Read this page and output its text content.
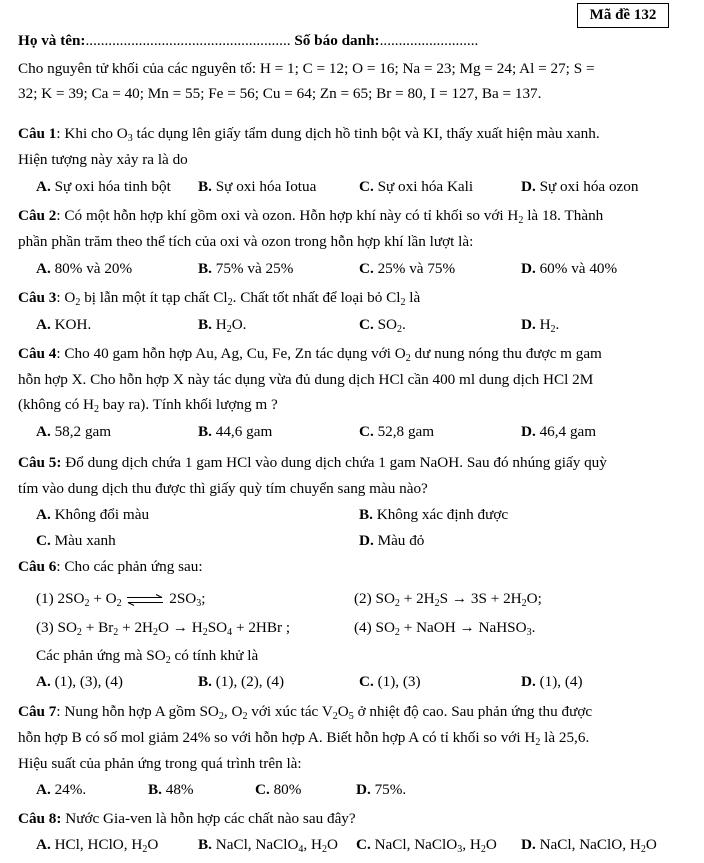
Mã đề 132
Họ và tên:...................................................... Số báo danh:..........................
Cho nguyên tử khối của các nguyên tố: H = 1; C = 12; O = 16; Na = 23; Mg = 24; Al = 27; S =
32; K = 39; Ca = 40; Mn = 55; Fe = 56; Cu = 64; Zn = 65; Br = 80, I = 127, Ba = 137.
Câu 1: Khi cho $O_3$ tác dụng lên giấy tẩm dung dịch hồ tinh bột và KI, thấy xuất hiện màu xanh.
Hiện tượng này xảy ra là do
A. Sự oxi hóa tinh bột B. Sự oxi hóa Iotua	C. Sự oxi hóa Kali	D. Sự oxi hóa ozon
Câu 2: Có một hỗn hợp khí gồm oxi và ozon. Hỗn hợp khí này có tỉ khối so với $H_2$ là 18. Thành
phần phần trăm theo thể tích của oxi và ozon trong hỗn hợp khí lần lượt là:
A. 80% và 20%	B. 75% và 25%	C. 25% và 75%	D. 60% và 40%
Câu 3: $O_2$ bị lẫn một ít tạp chất $Cl_2$. Chất tốt nhất để loại bỏ $Cl_2$ là
A. KOH.	B. $H_2O$.	C. $SO_2$.	D. $H_2$.
Câu 4: Cho 40 gam hỗn hợp Au, Ag, Cu, Fe, Zn tác dụng với $O_2$ dư nung nóng thu được m gam
hỗn hợp X. Cho hỗn hợp X này tác dụng vừa đủ dung dịch HCl cần 400 ml dung dịch HCl 2M
(không có $H_2$ bay ra). Tính khối lượng m ?
A. 58,2 gam	B. 44,6 gam	C. 52,8 gam	D. 46,4 gam
Câu 5: Đổ dung dịch chứa 1 gam HCl vào dung dịch chứa 1 gam NaOH. Sau đó nhúng giấy quỳ
tím vào dung dịch thu được thì giấy quỳ tím chuyển sang màu nào?
A. Không đổi màu	B. Không xác định được
C. Màu xanh	D. Màu đỏ
Câu 6: Cho các phản ứng sau:
(1) $2SO_2 + O_2$ ⇌ $2SO_3$;	(2) $SO_2 + 2H_2S \to 3S + 2H_2O$;
(3) $SO_2 + Br_2 + 2H_2O \to H_2SO_4 + 2HBr$ ;	(4) $SO_2$ + NaOH → NaHSO$_3$.
Các phản ứng mà $SO_2$ có tính khử là
A. (1), (3), (4)	B. (1), (2), (4)	C. (1), (3)	D. (1), (4)
Câu 7: Nung hỗn hợp A gồm $SO_2$, $O_2$ với xúc tác $V_2O_5$ ở nhiệt độ cao. Sau phản ứng thu được
hỗn hợp B có số mol giảm 24% so với hỗn hợp A. Biết hỗn hợp A có tỉ khối so với $H_2$ là 25,6.
Hiệu suất của phản ứng trong quá trình trên là:
A. 24%.	B. 48%	C. 80%	D. 75%.
Câu 8: Nước Gia-ven là hỗn hợp các chất nào sau đây?
A. HCl, HClO, $H_2O$	B. NaCl, NaClO$_4$, $H_2O$ C. NaCl, NaClO$_3$, $H_2O$ D. NaCl, NaClO, $H_2O$
